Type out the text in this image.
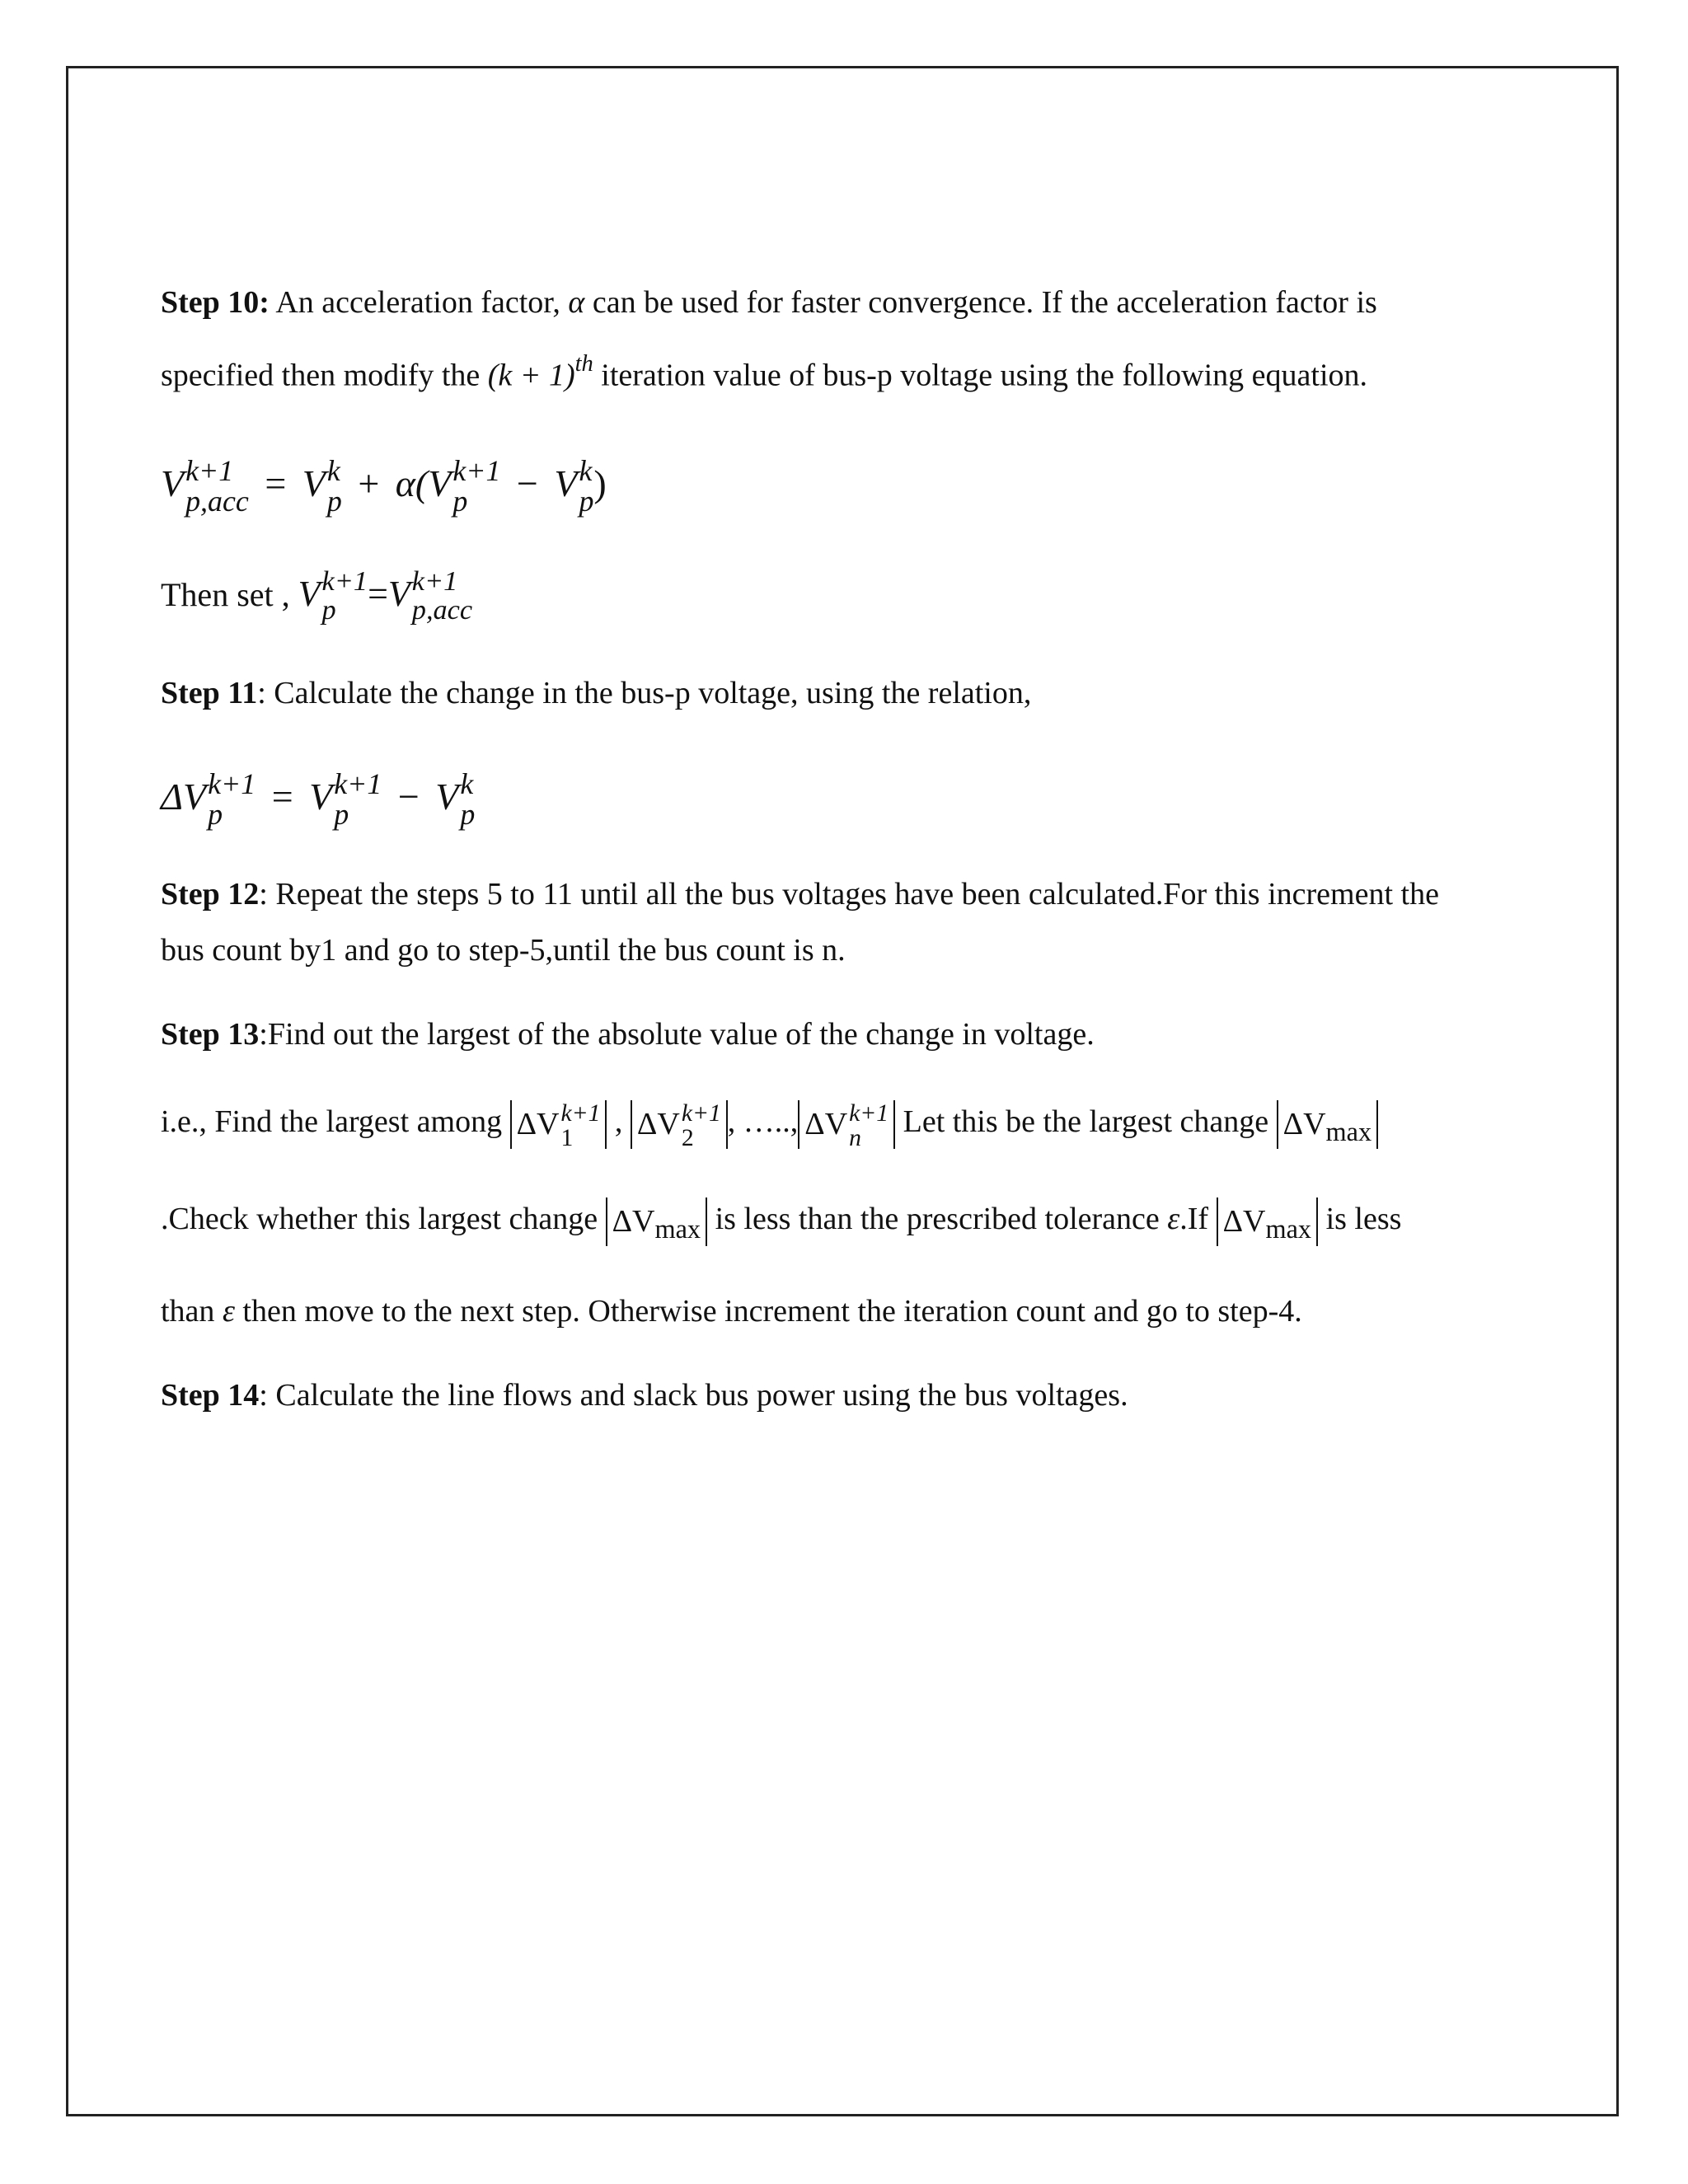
Step 10: An acceleration factor, α can be used for faster convergence. If the acceleration factor is
specified then modify the $(k + 1)^{th}$ iteration value of bus-p voltage using the following equation.
V k+1
p,acc = V k
p + α(V k+1
p	− V k
p )
Then set , V k+1
p =V k+1
p,acc
Step 11: Calculate the change in the bus-p voltage, using the relation,
ΔV k+1
p	= V k+1
p	− V k
p
Step 12: Repeat the steps 5 to 11 until all the bus voltages have been calculated.For this increment the
bus count by1 and go to step-5,until the bus count is n.
Step 13:Find out the largest of the absolute value of the change in voltage.
i.e., Find the largest among ΔV k+1
1	, ΔV k+1
2	, ….., ΔV k+1
n	Let this be the largest change $\Delta V_{max}$
.Check whether this largest change $\Delta V_{max}$ is less than the prescribed tolerance ε.If $\Delta V_{max}$ is less
than ε then move to the next step. Otherwise increment the iteration count and go to step-4.
Step 14: Calculate the line flows and slack bus power using the bus voltages.
